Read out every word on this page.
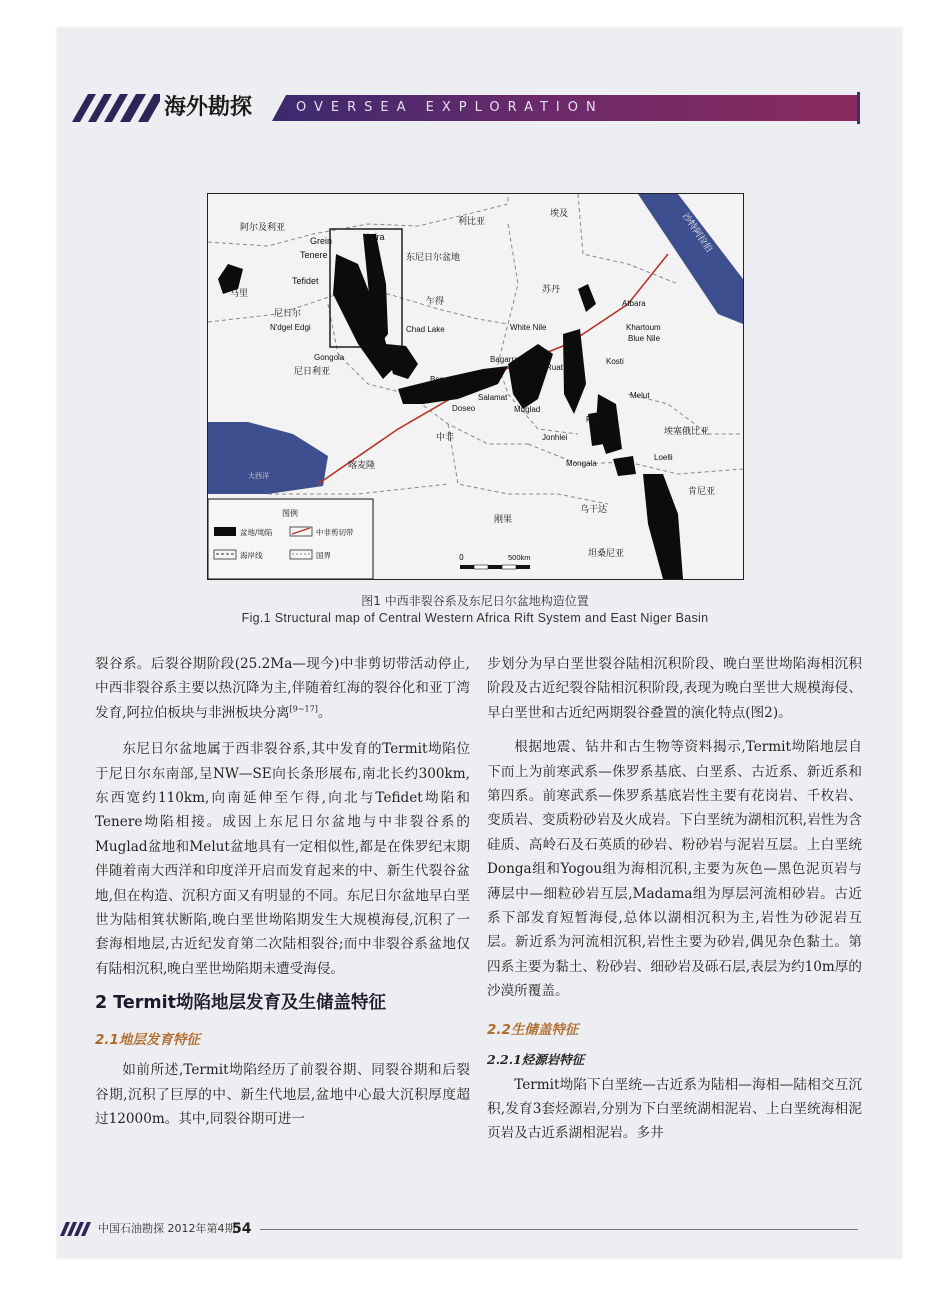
海外勘探	OVERSEA EXPLORATION
阿尔及利亚
利比亚
埃及	沙特阿拉伯
红海
Grein	Kafra
Tenere
Tefidet
东尼日尔盆地
马里
尼日尔
乍得
苏丹
Atbara
N'dgel Edgi	Chad Lake	White Nile	Khartoum
Blue Nile
Gongola
尼日利亚
Bagarra	Kosti
Ruat
Bongor
Salamat
Doseo	Muglad
Melut
Pibor
中非
埃塞俄比亚
Jonhlei
大西洋
喀麦隆	Mongala
Loelli
肯尼亚
乌干达
刚果
坦桑尼亚
图例
盆地/坳陷	中非剪切带
海岸线	国界	0	500km
图1 中西非裂谷系及东尼日尔盆地构造位置
Fig.1 Structural map of Central Western Africa Rift System and East Niger Basin

裂谷系。后裂谷期阶段(25.2Ma—现今)中非剪切带活动停止,中西非裂谷系主要以热沉降为主,伴随着红海的裂谷化和亚丁湾发育,阿拉伯板块与非洲板块分离[9~17]。

东尼日尔盆地属于西非裂谷系,其中发育的Termit坳陷位于尼日尔东南部,呈NW—SE向长条形展布,南北长约300km,东西宽约110km,向南延伸至乍得,向北与Tefidet坳陷和Tenere坳陷相接。成因上东尼日尔盆地与中非裂谷系的Muglad盆地和Melut盆地具有一定相似性,都是在侏罗纪末期伴随着南大西洋和印度洋开启而发育起来的中、新生代裂谷盆地,但在构造、沉积方面又有明显的不同。东尼日尔盆地早白垩世为陆相箕状断陷,晚白垩世坳陷期发生大规模海侵,沉积了一套海相地层,古近纪发育第二次陆相裂谷;而中非裂谷系盆地仅有陆相沉积,晚白垩世坳陷期未遭受海侵。

2 Termit坳陷地层发育及生储盖特征
2.1地层发育特征

如前所述,Termit坳陷经历了前裂谷期、同裂谷期和后裂谷期,沉积了巨厚的中、新生代地层,盆地中心最大沉积厚度超过12000m。其中,同裂谷期可进一

步划分为早白垩世裂谷陆相沉积阶段、晚白垩世坳陷海相沉积阶段及古近纪裂谷陆相沉积阶段,表现为晚白垩世大规模海侵、早白垩世和古近纪两期裂谷叠置的演化特点(图2)。

根据地震、钻井和古生物等资料揭示,Termit坳陷地层自下而上为前寒武系—侏罗系基底、白垩系、古近系、新近系和第四系。前寒武系—侏罗系基底岩性主要有花岗岩、千枚岩、变质岩、变质粉砂岩及火成岩。下白垩统为湖相沉积,岩性为含硅质、高岭石及石英质的砂岩、粉砂岩与泥岩互层。上白垩统Donga组和Yogou组为海相沉积,主要为灰色—黑色泥页岩与薄层中—细粒砂岩互层,Madama组为厚层河流相砂岩。古近系下部发育短暂海侵,总体以湖相沉积为主,岩性为砂泥岩互层。新近系为河流相沉积,岩性主要为砂岩,偶见杂色黏土。第四系主要为黏土、粉砂岩、细砂岩及砾石层,表层为约10m厚的沙漠所覆盖。

2.2生储盖特征
2.2.1烃源岩特征

Termit坳陷下白垩统—古近系为陆相—海相—陆相交互沉积,发育3套烃源岩,分别为下白垩统湖相泥岩、上白垩统海相泥页岩及古近系湖相泥岩。多井

中国石油勘探 2012年第4期
54
